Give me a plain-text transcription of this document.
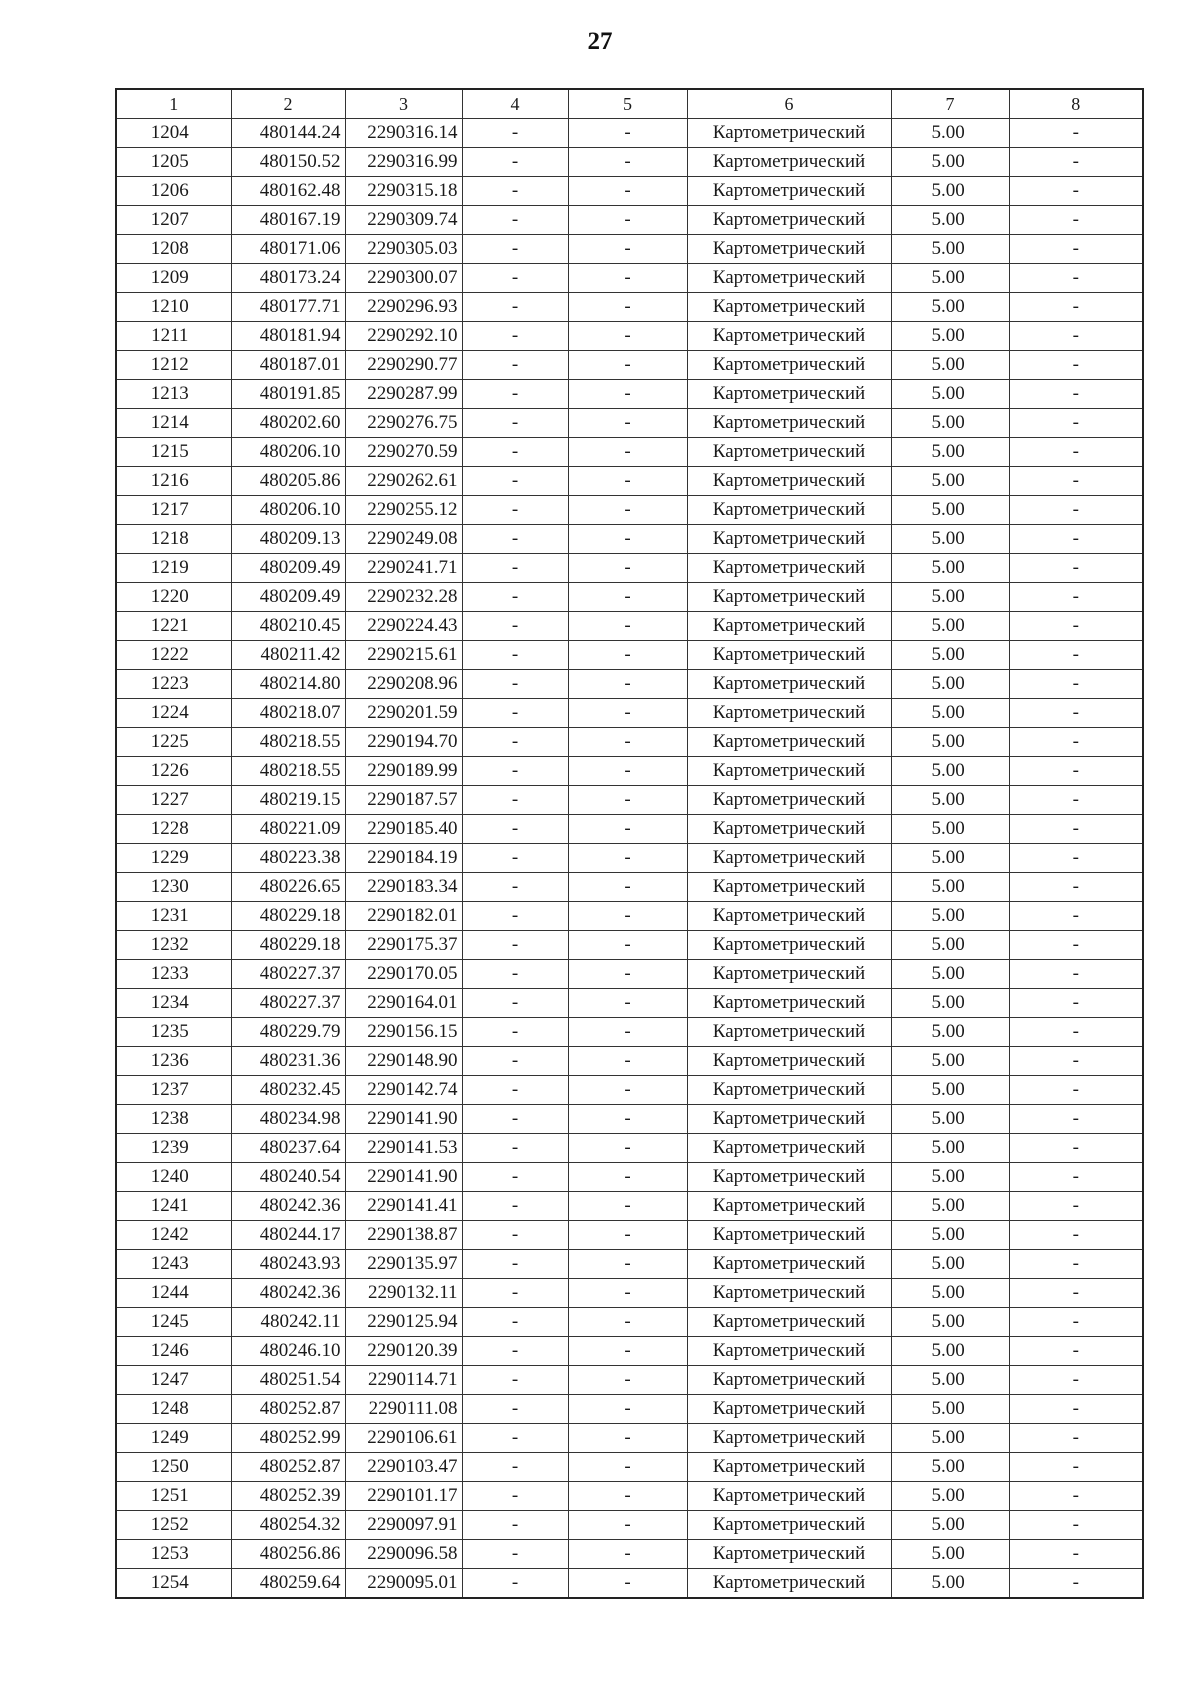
27
1	2	3	4	5	6	7	8
1204	480144.24	2290316.14	-	-	Картометрический	5.00	-
1205	480150.52	2290316.99	-	-	Картометрический	5.00	-
1206	480162.48	2290315.18	-	-	Картометрический	5.00	-
1207	480167.19	2290309.74	-	-	Картометрический	5.00	-
1208	480171.06	2290305.03	-	-	Картометрический	5.00	-
1209	480173.24	2290300.07	-	-	Картометрический	5.00	-
1210	480177.71	2290296.93	-	-	Картометрический	5.00	-
1211	480181.94	2290292.10	-	-	Картометрический	5.00	-
1212	480187.01	2290290.77	-	-	Картометрический	5.00	-
1213	480191.85	2290287.99	-	-	Картометрический	5.00	-
1214	480202.60	2290276.75	-	-	Картометрический	5.00	-
1215	480206.10	2290270.59	-	-	Картометрический	5.00	-
1216	480205.86	2290262.61	-	-	Картометрический	5.00	-
1217	480206.10	2290255.12	-	-	Картометрический	5.00	-
1218	480209.13	2290249.08	-	-	Картометрический	5.00	-
1219	480209.49	2290241.71	-	-	Картометрический	5.00	-
1220	480209.49	2290232.28	-	-	Картометрический	5.00	-
1221	480210.45	2290224.43	-	-	Картометрический	5.00	-
1222	480211.42	2290215.61	-	-	Картометрический	5.00	-
1223	480214.80	2290208.96	-	-	Картометрический	5.00	-
1224	480218.07	2290201.59	-	-	Картометрический	5.00	-
1225	480218.55	2290194.70	-	-	Картометрический	5.00	-
1226	480218.55	2290189.99	-	-	Картометрический	5.00	-
1227	480219.15	2290187.57	-	-	Картометрический	5.00	-
1228	480221.09	2290185.40	-	-	Картометрический	5.00	-
1229	480223.38	2290184.19	-	-	Картометрический	5.00	-
1230	480226.65	2290183.34	-	-	Картометрический	5.00	-
1231	480229.18	2290182.01	-	-	Картометрический	5.00	-
1232	480229.18	2290175.37	-	-	Картометрический	5.00	-
1233	480227.37	2290170.05	-	-	Картометрический	5.00	-
1234	480227.37	2290164.01	-	-	Картометрический	5.00	-
1235	480229.79	2290156.15	-	-	Картометрический	5.00	-
1236	480231.36	2290148.90	-	-	Картометрический	5.00	-
1237	480232.45	2290142.74	-	-	Картометрический	5.00	-
1238	480234.98	2290141.90	-	-	Картометрический	5.00	-
1239	480237.64	2290141.53	-	-	Картометрический	5.00	-
1240	480240.54	2290141.90	-	-	Картометрический	5.00	-
1241	480242.36	2290141.41	-	-	Картометрический	5.00	-
1242	480244.17	2290138.87	-	-	Картометрический	5.00	-
1243	480243.93	2290135.97	-	-	Картометрический	5.00	-
1244	480242.36	2290132.11	-	-	Картометрический	5.00	-
1245	480242.11	2290125.94	-	-	Картометрический	5.00	-
1246	480246.10	2290120.39	-	-	Картометрический	5.00	-
1247	480251.54	2290114.71	-	-	Картометрический	5.00	-
1248	480252.87	2290111.08	-	-	Картометрический	5.00	-
1249	480252.99	2290106.61	-	-	Картометрический	5.00	-
1250	480252.87	2290103.47	-	-	Картометрический	5.00	-
1251	480252.39	2290101.17	-	-	Картометрический	5.00	-
1252	480254.32	2290097.91	-	-	Картометрический	5.00	-
1253	480256.86	2290096.58	-	-	Картометрический	5.00	-
1254	480259.64	2290095.01	-	-	Картометрический	5.00	-
